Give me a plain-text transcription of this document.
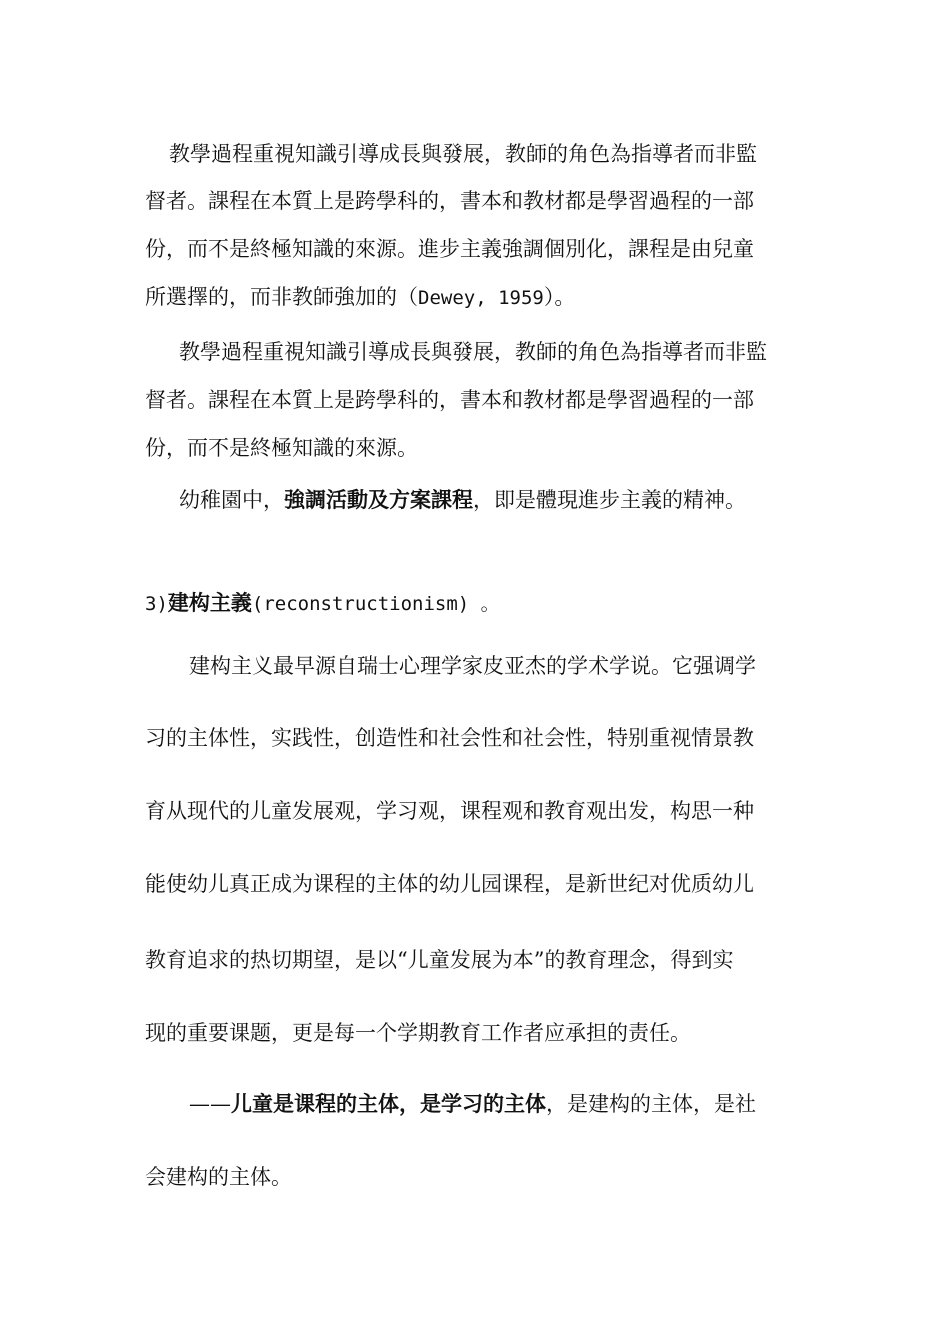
教學過程重視知識引導成長與發展，教師的角色為指導者而非監
督者。課程在本質上是跨學科的，書本和教材都是學習過程的一部
份，而不是終極知識的來源。進步主義強調個別化，課程是由兒童
所選擇的，而非教師強加的（Dewey, 1959）。
教學過程重視知識引導成長與發展，教師的角色為指導者而非監
督者。課程在本質上是跨學科的，書本和教材都是學習過程的一部
份，而不是終極知識的來源。
幼稚園中，強調活動及方案課程，即是體現進步主義的精神。
3)建构主義(reconstructionism) 。
建构主义最早源自瑞士心理学家皮亚杰的学术学说。它强调学
习的主体性，实践性，创造性和社会性和社会性，特别重视情景教
育从现代的儿童发展观，学习观，课程观和教育观出发，构思一种
能使幼儿真正成为课程的主体的幼儿园课程，是新世纪对优质幼儿
教育追求的热切期望，是以“儿童发展为本”的教育理念，得到实
现的重要课题，更是每一个学期教育工作者应承担的责任。
——儿童是课程的主体，是学习的主体，是建构的主体，是社
会建构的主体。
